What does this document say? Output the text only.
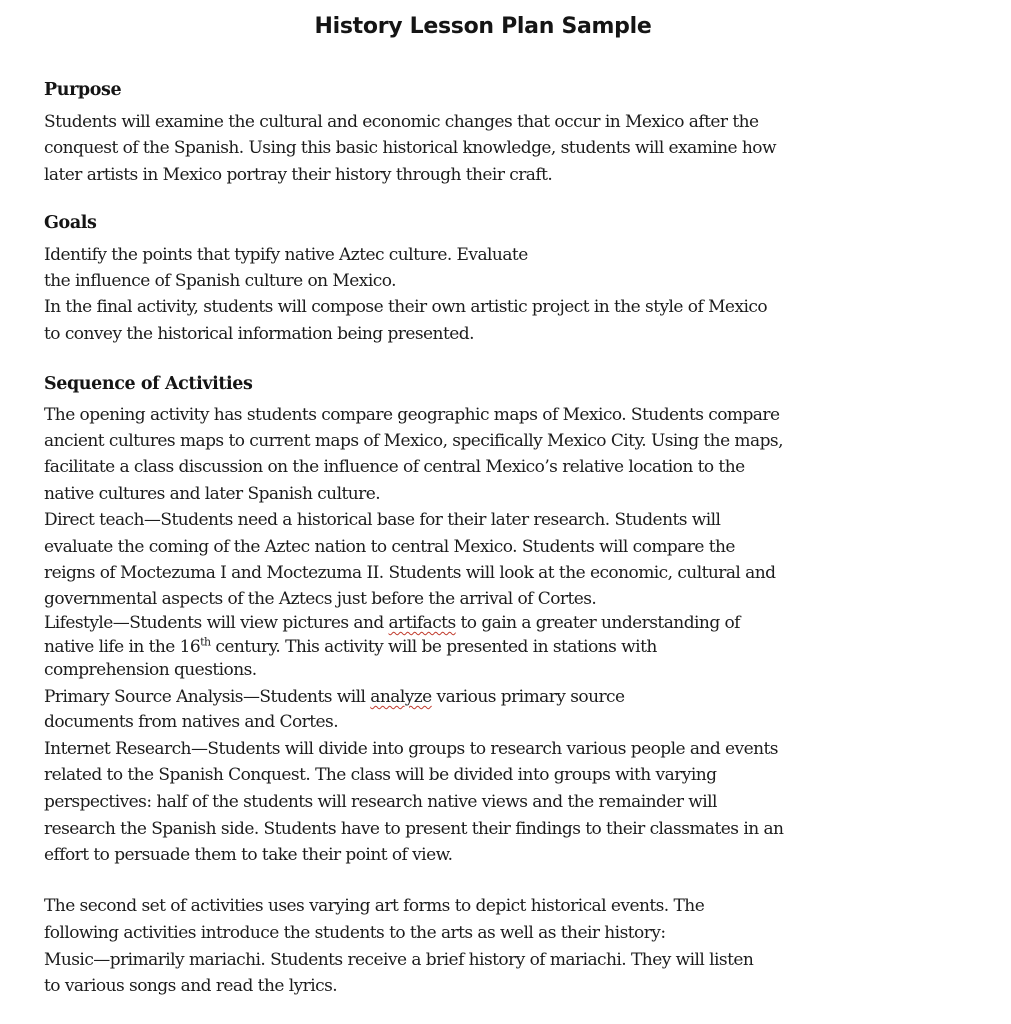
History Lesson Plan Sample
Purpose
Students will examine the cultural and economic changes that occur in Mexico after the
conquest of the Spanish. Using this basic historical knowledge, students will examine how
later artists in Mexico portray their history through their craft.
Goals
Identify the points that typify native Aztec culture. Evaluate
the influence of Spanish culture on Mexico.
In the final activity, students will compose their own artistic project in the style of Mexico
to convey the historical information being presented.
Sequence of Activities
The opening activity has students compare geographic maps of Mexico. Students compare
ancient cultures maps to current maps of Mexico, specifically Mexico City. Using the maps,
facilitate a class discussion on the influence of central Mexico’s relative location to the
native cultures and later Spanish culture.
Direct teach—Students need a historical base for their later research. Students will
evaluate the coming of the Aztec nation to central Mexico. Students will compare the
reigns of Moctezuma I and Moctezuma II. Students will look at the economic, cultural and
governmental aspects of the Aztecs just before the arrival of Cortes.
Lifestyle—Students will view pictures and artifacts to gain a greater understanding of
native life in the 16th century. This activity will be presented in stations with
comprehension questions.
Primary Source Analysis—Students will analyze various primary source
documents from natives and Cortes.
Internet Research—Students will divide into groups to research various people and events
related to the Spanish Conquest. The class will be divided into groups with varying
perspectives: half of the students will research native views and the remainder will
research the Spanish side. Students have to present their findings to their classmates in an
effort to persuade them to take their point of view.
The second set of activities uses varying art forms to depict historical events. The
following activities introduce the students to the arts as well as their history:
Music—primarily mariachi. Students receive a brief history of mariachi. They will listen
to various songs and read the lyrics.
